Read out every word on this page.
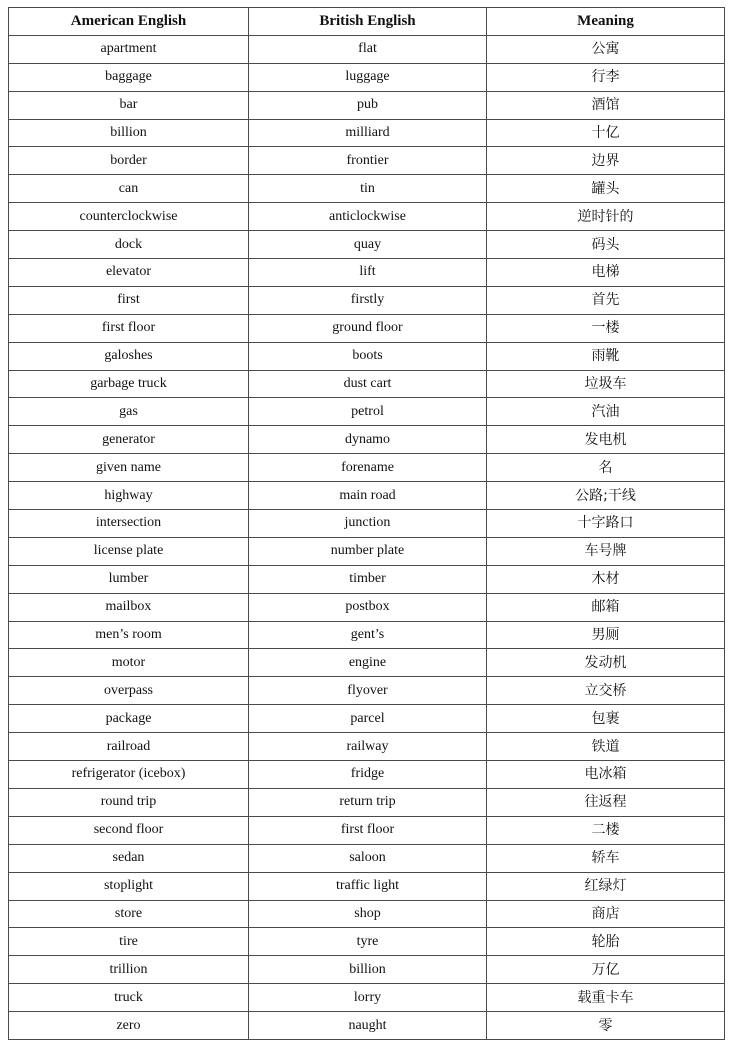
American English	British English	Meaning
apartment	flat	公寓
baggage	luggage	行李
bar	pub	酒馆
billion	milliard	十亿
border	frontier	边界
can	tin	罐头
counterclockwise	anticlockwise	逆时针的
dock	quay	码头
elevator	lift	电梯
first	firstly	首先
first floor	ground floor	一楼
galoshes	boots	雨靴
garbage truck	dust cart	垃圾车
gas	petrol	汽油
generator	dynamo	发电机
given name	forename	名
highway	main road	公路;干线
intersection	junction	十字路口
license plate	number plate	车号牌
lumber	timber	木材
mailbox	postbox	邮箱
men’s room	gent’s	男厕
motor	engine	发动机
overpass	flyover	立交桥
package	parcel	包裹
railroad	railway	铁道
refrigerator (icebox)	fridge	电冰箱
round trip	return trip	往返程
second floor	first floor	二楼
sedan	saloon	轿车
stoplight	traffic light	红绿灯
store	shop	商店
tire	tyre	轮胎
trillion	billion	万亿
truck	lorry	载重卡车
zero	naught	零
